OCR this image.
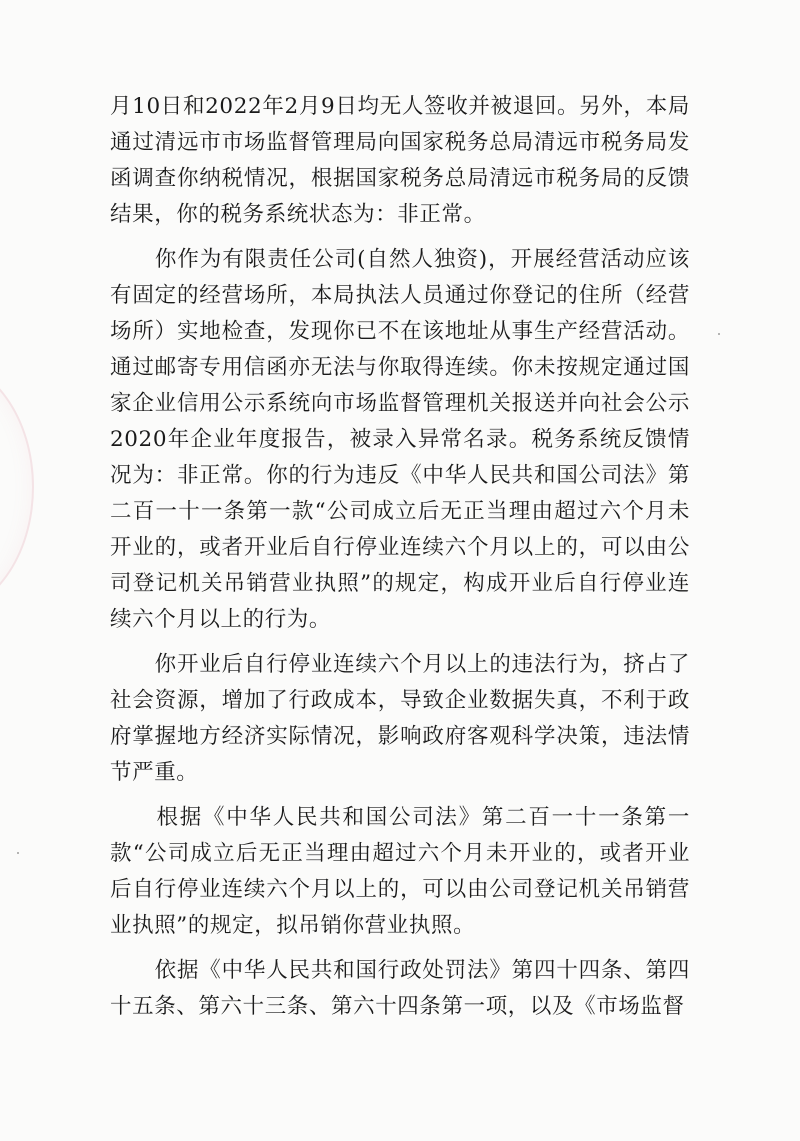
月10日和2022年2月9日均无人签收并被退回。另外，本局通过清远市市场监督管理局向国家税务总局清远市税务局发函调查你纳税情况，根据国家税务总局清远市税务局的反馈结果，你的税务系统状态为：非正常。

　　你作为有限责任公司(自然人独资)，开展经营活动应该有固定的经营场所，本局执法人员通过你登记的住所（经营场所）实地检查，发现你已不在该地址从事生产经营活动。通过邮寄专用信函亦无法与你取得连续。你未按规定通过国家企业信用公示系统向市场监督管理机关报送并向社会公示2020年企业年度报告，被录入异常名录。税务系统反馈情况为：非正常。你的行为违反《中华人民共和国公司法》第二百一十一条第一款“公司成立后无正当理由超过六个月未开业的，或者开业后自行停业连续六个月以上的，可以由公司登记机关吊销营业执照”的规定，构成开业后自行停业连续六个月以上的行为。

　　你开业后自行停业连续六个月以上的违法行为，挤占了社会资源，增加了行政成本，导致企业数据失真，不利于政府掌握地方经济实际情况，影响政府客观科学决策，违法情节严重。

　　根据《中华人民共和国公司法》第二百一十一条第一款“公司成立后无正当理由超过六个月未开业的，或者开业后自行停业连续六个月以上的，可以由公司登记机关吊销营业执照”的规定，拟吊销你营业执照。

　　依据《中华人民共和国行政处罚法》第四十四条、第四十五条、第六十三条、第六十四条第一项，以及《市场监督
